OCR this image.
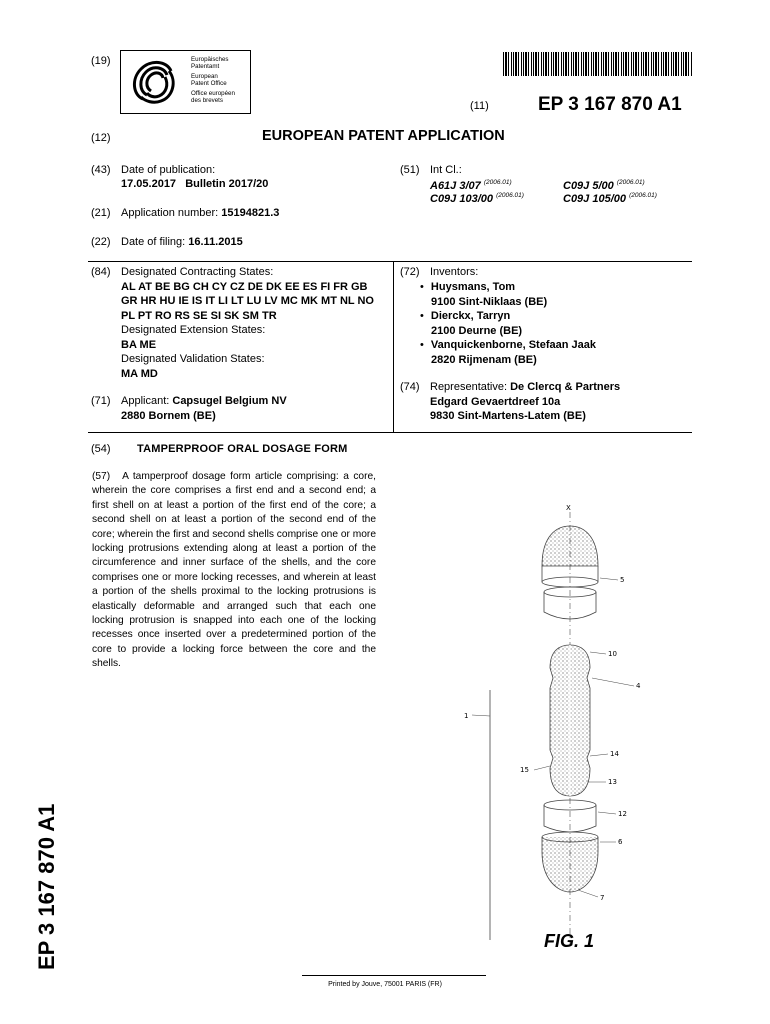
(19)	Europäisches
Patentamt
European
Patent Office
Office européen
des brevets	(11)	EP 3 167 870 A1
(12)	EUROPEAN PATENT APPLICATION
(43) Date of publication:
17.05.2017   Bulletin 2017/20
(51) Int Cl.:
A61J 3/07 $^{(2006.01)}$	C09J 5/00 $^{(2006.01)}$
C09J 103/00 $^{(2006.01)}$	C09J 105/00 $^{(2006.01)}$
(21) Application number: 15194821.3
(22) Date of filing: 16.11.2015
(84) Designated Contracting States:
AL AT BE BG CH CY CZ DE DK EE ES FI FR GB
GR HR HU IE IS IT LI LT LU LV MC MK MT NL NO
PL PT RO RS SE SI SK SM TR
Designated Extension States:
BA ME
Designated Validation States:
MA MD
(71) Applicant: Capsugel Belgium NV
2880 Bornem (BE)
(72) Inventors:
• Huysmans, Tom
9100 Sint-Niklaas (BE)
• Dierckx, Tarryn
2100 Deurne (BE)
• Vanquickenborne, Stefaan Jaak
2820 Rijmenam (BE)
(74) Representative: De Clercq & Partners
Edgard Gevaertdreef 10a
9830 Sint-Martens-Latem (BE)
(54) TAMPERPROOF ORAL DOSAGE FORM
(57) A tamperproof dosage form article comprising: a core, wherein the core comprises a first end and a second end; a first shell on at least a portion of the first end of the core; a second shell on at least a portion of the second end of the core; wherein the first and second shells comprise one or more locking protrusions extending along at least a portion of the circumference and inner surface of the shells, and the core comprises one or more locking recesses, and wherein at least a portion of the shells proximal to the locking protrusions is elastically deformable and arranged such that each one locking protrusion is snapped into each one of the locking recesses once inserted over a predetermined portion of the core to provide a locking force between the core and the shells.
X
5
10
4
1
14
15
13
12
6
7
FIG. 1
EP 3 167 870 A1
Printed by Jouve, 75001 PARIS (FR)
